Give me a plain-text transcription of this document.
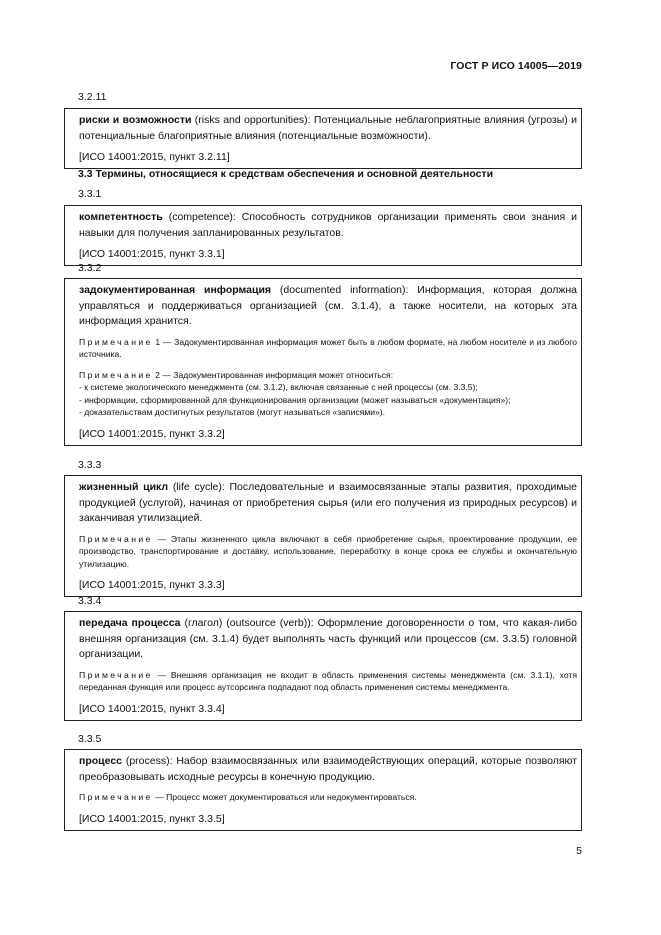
ГОСТ Р ИСО 14005—2019
3.2.11

риски и возможности (risks and opportunities): Потенциальные неблагоприятные влияния (угрозы) и потенциальные благоприятные влияния (потенциальные возможности).

[ИСО 14001:2015, пункт 3.2.11]
3.3 Термины, относящиеся к средствам обеспечения и основной деятельности
3.3.1

компетентность (competence): Способность сотрудников организации применять свои знания и навыки для получения запланированных результатов.

[ИСО 14001:2015, пункт 3.3.1]
3.3.2

задокументированная информация (documented information): Информация, которая должна управляться и поддерживаться организацией (см. 3.1.4), а также носители, на которых эта информация хранится.

Примечание 1 — Задокументированная информация может быть в любом формате, на любом носителе и из любого источника.

Примечание 2 — Задокументированная информация может относиться:
- к системе экологического менеджмента (см. 3.1.2), включая связанные с ней процессы (см. 3.3.5);
- информации, сформированной для функционирования организации (может называться «документация»);
- доказательствам достигнутых результатов (могут называться «записями»).

[ИСО 14001:2015, пункт 3.3.2]
3.3.3

жизненный цикл (life cycle): Последовательные и взаимосвязанные этапы развития, проходимые продукцией (услугой), начиная от приобретения сырья (или его получения из природных ресурсов) и заканчивая утилизацией.

Примечание — Этапы жизненного цикла включают в себя приобретение сырья, проектирование продукции, ее производство, транспортирование и доставку, использование, переработку в конце срока ее службы и окончательную утилизацию.

[ИСО 14001:2015, пункт 3.3.3]
3.3.4

передача процесса (глагол) (outsource (verb)): Оформление договоренности о том, что какая-либо внешняя организация (см. 3.1.4) будет выполнять часть функций или процессов (см. 3.3.5) головной организации.

Примечание — Внешняя организация не входит в область применения системы менеджмента (см. 3.1.1), хотя переданная функция или процесс аутсорсинга подпадают под область применения системы менеджмента.

[ИСО 14001:2015, пункт 3.3.4]
3.3.5

процесс (process): Набор взаимосвязанных или взаимодействующих операций, которые позволяют преобразовывать исходные ресурсы в конечную продукцию.

Примечание — Процесс может документироваться или недокументироваться.

[ИСО 14001:2015, пункт 3.3.5]
5
